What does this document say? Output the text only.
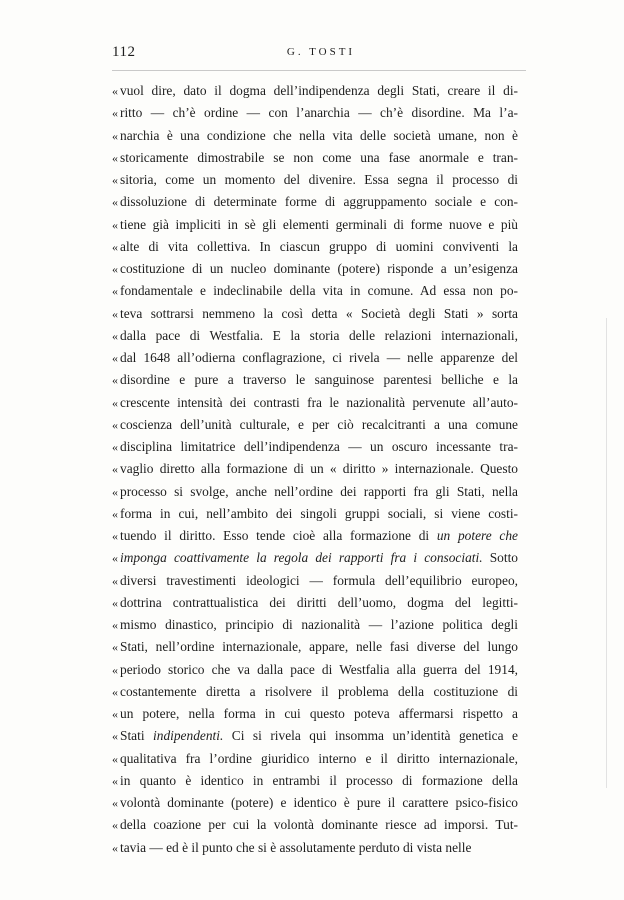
112	G. TOSTI
« vuol dire, dato il dogma dell’indipendenza degli Stati, creare il di-
« ritto — ch’è ordine — con l’anarchia — ch’è disordine. Ma l’a-
« narchia è una condizione che nella vita delle società umane, non è
« storicamente dimostrabile se non come una fase anormale e tran-
« sitoria, come un momento del divenire. Essa segna il processo di
« dissoluzione di determinate forme di aggruppamento sociale e con-
« tiene già impliciti in sè gli elementi germinali di forme nuove e più
« alte di vita collettiva. In ciascun gruppo di uomini conviventi la
« costituzione di un nucleo dominante (potere) risponde a un’esigenza
« fondamentale e indeclinabile della vita in comune. Ad essa non po-
« teva sottrarsi nemmeno la così detta « Società degli Stati » sorta
« dalla pace di Westfalia. E la storia delle relazioni internazionali,
« dal 1648 all’odierna conflagrazione, ci rivela — nelle apparenze del
« disordine e pure a traverso le sanguinose parentesi belliche e la
« crescente intensità dei contrasti fra le nazionalità pervenute all’auto-
« coscienza dell’unità culturale, e per ciò recalcitranti a una comune
« disciplina limitatrice dell’indipendenza — un oscuro incessante tra-
« vaglio diretto alla formazione di un « diritto » internazionale. Questo
« processo si svolge, anche nell’ordine dei rapporti fra gli Stati, nella
« forma in cui, nell’ambito dei singoli gruppi sociali, si viene costi-
« tuendo il diritto. Esso tende cioè alla formazione di un potere che
« imponga coattivamente la regola dei rapporti fra i consociati. Sotto
« diversi travestimenti ideologici — formula dell’equilibrio europeo,
« dottrina contrattualistica dei diritti dell’uomo, dogma del legitti-
« mismo dinastico, principio di nazionalità — l’azione politica degli
« Stati, nell’ordine internazionale, appare, nelle fasi diverse del lungo
« periodo storico che va dalla pace di Westfalia alla guerra del 1914,
« costantemente diretta a risolvere il problema della costituzione di
« un potere, nella forma in cui questo poteva affermarsi rispetto a
« Stati indipendenti. Ci si rivela qui insomma un’identità genetica e
« qualitativa fra l’ordine giuridico interno e il diritto internazionale,
« in quanto è identico in entrambi il processo di formazione della
« volontà dominante (potere) e identico è pure il carattere psico-fisico
« della coazione per cui la volontà dominante riesce ad imporsi. Tut-
« tavia — ed è il punto che si è assolutamente perduto di vista nelle
